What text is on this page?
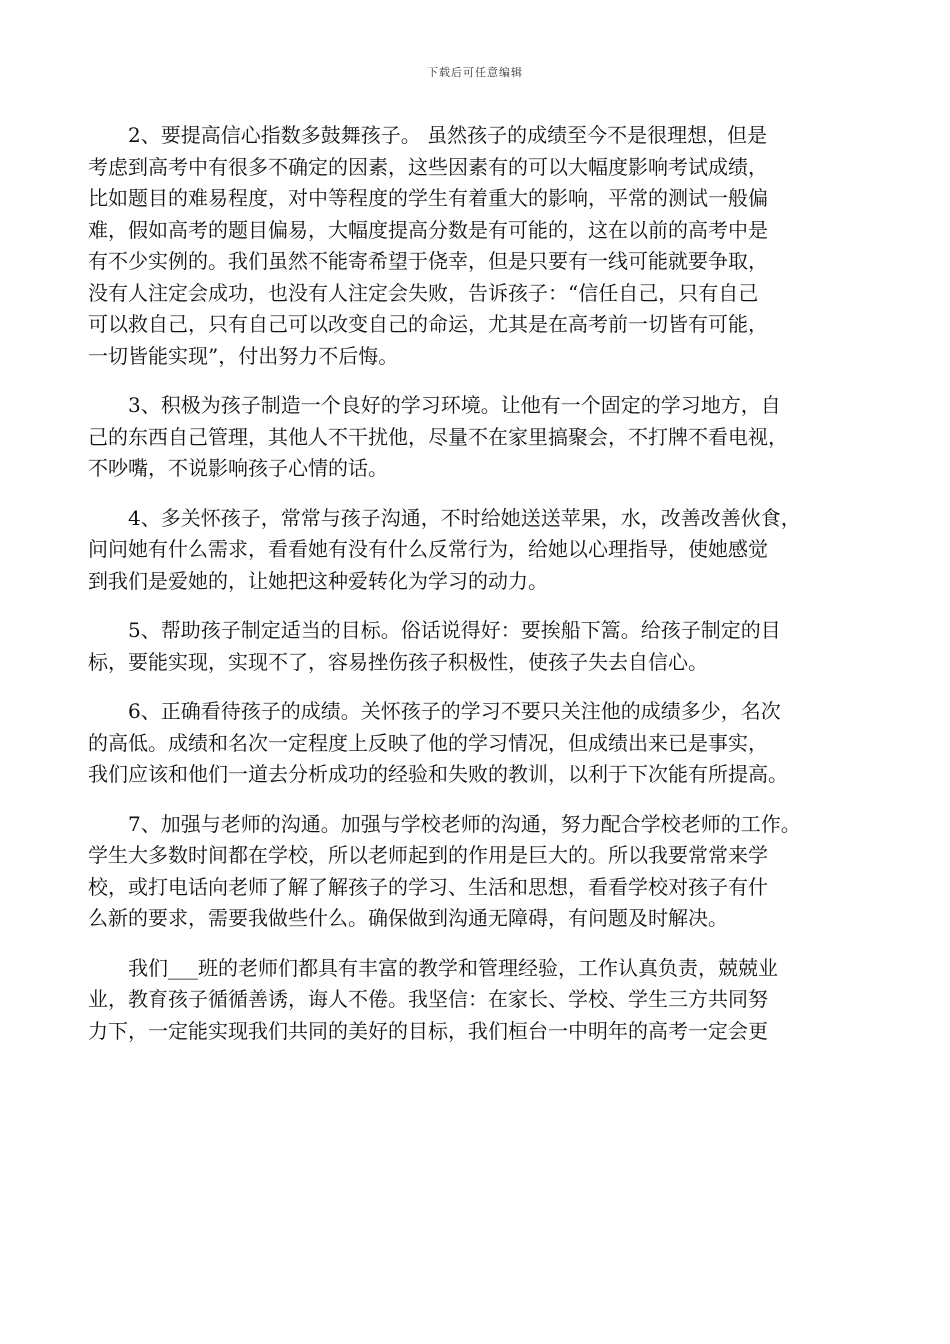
下载后可任意编辑
　　2、要提高信心指数多鼓舞孩子。 虽然孩子的成绩至今不是很理想，但是
考虑到高考中有很多不确定的因素，这些因素有的可以大幅度影响考试成绩，
比如题目的难易程度，对中等程度的学生有着重大的影响，平常的测试一般偏
难，假如高考的题目偏易，大幅度提高分数是有可能的，这在以前的高考中是
有不少实例的。我们虽然不能寄希望于侥幸，但是只要有一线可能就要争取，
没有人注定会成功，也没有人注定会失败，告诉孩子：“信任自己，只有自己
可以救自己，只有自己可以改变自己的命运，尤其是在高考前一切皆有可能，
一切皆能实现”，付出努力不后悔。
　　3、积极为孩子制造一个良好的学习环境。让他有一个固定的学习地方，自
己的东西自己管理，其他人不干扰他，尽量不在家里搞聚会，不打牌不看电视，
不吵嘴，不说影响孩子心情的话。
　　4、多关怀孩子，常常与孩子沟通，不时给她送送苹果，水，改善改善伙食，
问问她有什么需求，看看她有没有什么反常行为，给她以心理指导，使她感觉
到我们是爱她的，让她把这种爱转化为学习的动力。
　　5、帮助孩子制定适当的目标。俗话说得好：要挨船下篙。给孩子制定的目
标，要能实现，实现不了，容易挫伤孩子积极性，使孩子失去自信心。
　　6、正确看待孩子的成绩。关怀孩子的学习不要只关注他的成绩多少，名次
的高低。成绩和名次一定程度上反映了他的学习情况，但成绩出来已是事实，
我们应该和他们一道去分析成功的经验和失败的教训，以利于下次能有所提高。
　　7、加强与老师的沟通。加强与学校老师的沟通，努力配合学校老师的工作。
学生大多数时间都在学校，所以老师起到的作用是巨大的。所以我要常常来学
校，或打电话向老师了解了解孩子的学习、生活和思想，看看学校对孩子有什
么新的要求，需要我做些什么。确保做到沟通无障碍，有问题及时解决。
　　我们___班的老师们都具有丰富的教学和管理经验，工作认真负责，兢兢业
业，教育孩子循循善诱，诲人不倦。我坚信：在家长、学校、学生三方共同努
力下，一定能实现我们共同的美好的目标，我们桓台一中明年的高考一定会更
